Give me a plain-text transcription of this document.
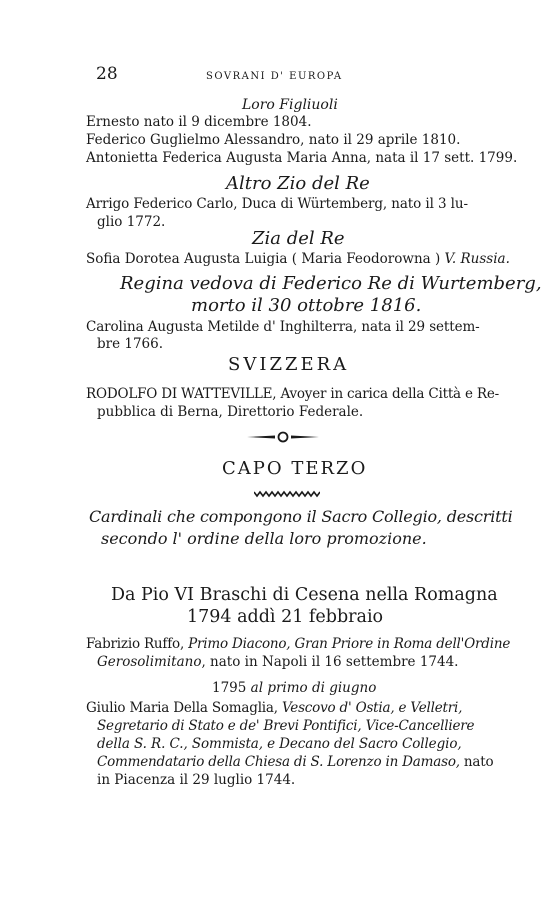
28	SOVRANI D' EUROPA
Loro Figliuoli
Ernesto nato il 9 dicembre 1804.
Federico Guglielmo Alessandro, nato il 29 aprile 1810.
Antonietta Federica Augusta Maria Anna, nata il 17 sett. 1799.
Altro Zio del Re
Arrigo Federico Carlo, Duca di Würtemberg, nato il 3 lu-
glio 1772.
Zia del Re
Sofia Dorotea Augusta Luigia ( Maria Feodorowna ) V. Russia.
Regina vedova di Federico Re di Wurtemberg,
morto il 30 ottobre 1816.
Carolina Augusta Metilde d' Inghilterra, nata il 29 settem-
bre 1766.
SVIZZERA
RODOLFO DI WATTEVILLE, Avoyer in carica della Città e Re-
pubblica di Berna, Direttorio Federale.
CAPO TERZO
Cardinali che compongono il Sacro Collegio, descritti
secondo l' ordine della loro promozione.
Da Pio VI Braschi di Cesena nella Romagna
1794 addì 21 febbraio
Fabrizio Ruffo, Primo Diacono, Gran Priore in Roma dell'Ordine
Gerosolimitano, nato in Napoli il 16 settembre 1744.
1795 al primo di giugno
Giulio Maria Della Somaglia, Vescovo d' Ostia, e Velletri,
Segretario di Stato e de' Brevi Pontifici, Vice-Cancelliere
della S. R. C., Sommista, e Decano del Sacro Collegio,
Commendatario della Chiesa di S. Lorenzo in Damaso, nato
in Piacenza il 29 luglio 1744.
